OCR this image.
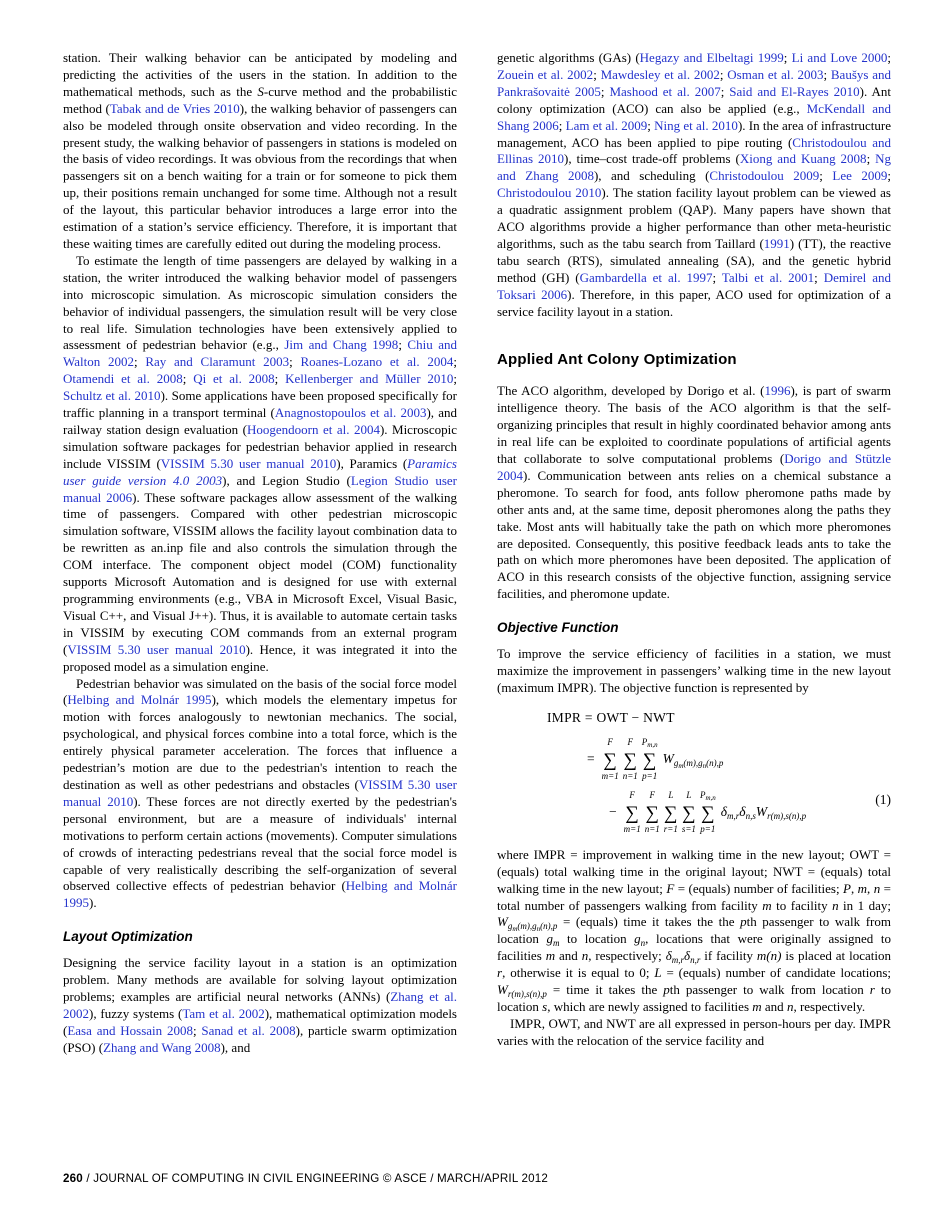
station. Their walking behavior can be anticipated by modeling and predicting the activities of the users in the station. In addition to the mathematical methods, such as the S-curve method and the probabilistic method (Tabak and de Vries 2010), the walking behavior of passengers can also be modeled through onsite observation and video recording. In the present study, the walking behavior of passengers in stations is modeled on the basis of video recordings. It was obvious from the recordings that when passengers sit on a bench waiting for a train or for someone to pick them up, their positions remain unchanged for some time. Although not a result of the layout, this particular behavior introduces a large error into the estimation of a station’s service efficiency. Therefore, it is important that these waiting times are carefully edited out during the modeling process.

To estimate the length of time passengers are delayed by walking in a station, the writer introduced the walking behavior model of passengers into microscopic simulation. As microscopic simulation considers the behavior of individual passengers, the simulation result will be very close to real life. Simulation technologies have been extensively applied to assessment of pedestrian behavior (e.g., Jim and Chang 1998; Chiu and Walton 2002; Ray and Claramunt 2003; Roanes-Lozano et al. 2004; Otamendi et al. 2008; Qi et al. 2008; Kellenberger and Müller 2010; Schultz et al. 2010). Some applications have been proposed specifically for traffic planning in a transport terminal (Anagnostopoulos et al. 2003), and railway station design evaluation (Hoogendoorn et al. 2004). Microscopic simulation software packages for pedestrian behavior applied in research include VISSIM (VISSIM 5.30 user manual 2010), Paramics (Paramics user guide version 4.0 2003), and Legion Studio (Legion Studio user manual 2006). These software packages allow assessment of the walking time of passengers. Compared with other pedestrian microscopic simulation software, VISSIM allows the facility layout combination data to be rewritten as an.inp file and also controls the simulation through the COM interface. The component object model (COM) functionality supports Microsoft Automation and is designed for use with external programming environments (e.g., VBA in Microsoft Excel, Visual Basic, Visual C++, and Visual J++). Thus, it is available to automate certain tasks in VISSIM by executing COM commands from an external program (VISSIM 5.30 user manual 2010). Hence, it was integrated it into the proposed model as a simulation engine.

Pedestrian behavior was simulated on the basis of the social force model (Helbing and Molnár 1995), which models the elementary impetus for motion with forces analogously to newtonian mechanics. The social, psychological, and physical forces combine into a total force, which is the entirely physical parameter acceleration. The forces that influence a pedestrian’s motion are due to the pedestrian's intention to reach the destination as well as other pedestrians and obstacles (VISSIM 5.30 user manual 2010). These forces are not directly exerted by the pedestrian's personal environment, but are a measure of individuals' internal motivations to perform certain actions (movements). Computer simulations of crowds of interacting pedestrians reveal that the social force model is capable of very realistically describing the self-organization of several observed collective effects of pedestrian behavior (Helbing and Molnár 1995).

Layout Optimization

Designing the service facility layout in a station is an optimization problem. Many methods are available for solving layout optimization problems; examples are artificial neural networks (ANNs) (Zhang et al. 2002), fuzzy systems (Tam et al. 2002), mathematical optimization models (Easa and Hossain 2008; Sanad et al. 2008), particle swarm optimization (PSO) (Zhang and Wang 2008), and

genetic algorithms (GAs) (Hegazy and Elbeltagi 1999; Li and Love 2000; Zouein et al. 2002; Mawdesley et al. 2002; Osman et al. 2003; Baušys and Pankrašovaitė 2005; Mashood et al. 2007; Said and El-Rayes 2010). Ant colony optimization (ACO) can also be applied (e.g., McKendall and Shang 2006; Lam et al. 2009; Ning et al. 2010). In the area of infrastructure management, ACO has been applied to pipe routing (Christodoulou and Ellinas 2010), time–cost trade-off problems (Xiong and Kuang 2008; Ng and Zhang 2008), and scheduling (Christodoulou 2009; Lee 2009; Christodoulou 2010). The station facility layout problem can be viewed as a quadratic assignment problem (QAP). Many papers have shown that ACO algorithms provide a higher performance than other meta-heuristic algorithms, such as the tabu search from Taillard (1991) (TT), the reactive tabu search (RTS), simulated annealing (SA), and the genetic hybrid method (GH) (Gambardella et al. 1997; Talbi et al. 2001; Demirel and Toksari 2006). Therefore, in this paper, ACO used for optimization of a service facility layout in a station.

Applied Ant Colony Optimization

The ACO algorithm, developed by Dorigo et al. (1996), is part of swarm intelligence theory. The basis of the ACO algorithm is that the self-organizing principles that result in highly coordinated behavior among ants in real life can be exploited to coordinate populations of artificial agents that collaborate to solve computational problems (Dorigo and Stützle 2004). Communication between ants relies on a chemical substance a pheromone. To search for food, ants follow pheromone paths made by other ants and, at the same time, deposit pheromones along the paths they take. Most ants will habitually take the path on which more pheromones are deposited. Consequently, this positive feedback leads ants to take the path on which more pheromones have been deposited. The application of ACO in this research consists of the objective function, assigning service facilities, and pheromone update.

Objective Function

To improve the service efficiency of facilities in a station, we must maximize the improvement in passengers’ walking time in the new layout (maximum IMPR). The objective function is represented by

IMPR = OWT − NWT
=
F
∑
m=1
F
∑
n=1
$P_{m,n}$
∑
p=1
$W_{gm(m),gn(n),p}$
−
F
∑
m=1
F
∑
n=1
L
∑
r=1
L
∑
s=1
$P_{m,n}$
∑
p=1
$\delta_{m,r}\delta_{n,s}W_{r(m),s(n),p}$
(1)

where IMPR = improvement in walking time in the new layout; OWT = (equals) total walking time in the original layout; NWT = (equals) total walking time in the new layout; F = (equals) number of facilities; P, m, n = total number of passengers walking from facility m to facility n in 1 day; $W_{gm(m),gn(n),p}$ = (equals) time it takes the the pth passenger to walk from location $g_m$ to location $g_n$, locations that were originally assigned to facilities m and n, respectively; $\delta_{m,r}\delta_{n,r}$ if facility m(n) is placed at location r, otherwise it is equal to 0; L = (equals) number of candidate locations; $W_{r(m),s(n),p}$ = time it takes the pth passenger to walk from location r to location s, which are newly assigned to facilities m and n, respectively.

IMPR, OWT, and NWT are all expressed in person-hours per day. IMPR varies with the relocation of the service facility and

260 / JOURNAL OF COMPUTING IN CIVIL ENGINEERING © ASCE / MARCH/APRIL 2012
